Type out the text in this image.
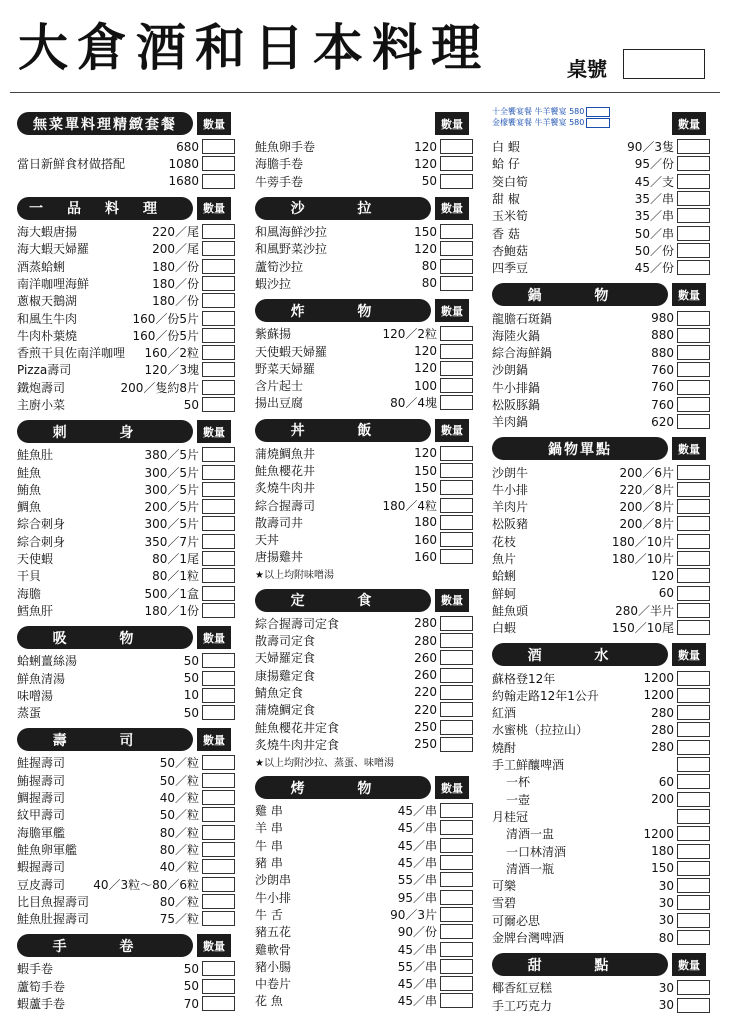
大倉酒和日本料理	桌號
十全饗宴餐 牛羊饗宴 580
金檬饗宴餐 牛羊饗宴 580
無菜單料理精緻套餐	數量
680
當日新鮮食材做搭配	1080
1680
一品料理	數量
海大蝦唐揚	220／尾
海大蝦天婦羅	200／尾
酒蒸蛤蜊	180／份
南洋咖哩海鮮	180／份
蔥椒天鵝湖	180／份
和風生牛肉	160／份5片
牛肉朴葉燒	160／份5片
香煎干貝佐南洋咖哩	160／2粒
Pizza壽司	120／3塊
鐵炮壽司	200／隻約8片
主廚小菜	50
刺 身	數量
鮭魚肚	380／5片
鮭魚	300／5片
鮪魚	300／5片
鯛魚	200／5片
綜合刺身	300／5片
綜合刺身	350／7片
天使蝦	80／1尾
干貝	80／1粒
海膽	500／1盒
鱈魚肝	180／1份
吸 物	數量
蛤蜊薑絲湯	50
鮮魚清湯	50
味噌湯	10
蒸蛋	50
壽 司	數量
鮭握壽司	50／粒
鮪握壽司	50／粒
鯛握壽司	40／粒
紋甲壽司	50／粒
海膽軍艦	80／粒
鮭魚卵軍艦	80／粒
蝦握壽司	40／粒
豆皮壽司	40／3粒～80／6粒
比目魚握壽司	80／粒
鮭魚肚握壽司	75／粒
手 卷	數量
蝦手卷	50
蘆筍手卷	50
蝦蘆手卷	70
數量
鮭魚卵手卷	120
海膽手卷	120
牛蒡手卷	50
沙 拉	數量
和風海鮮沙拉	150
和風野菜沙拉	120
蘆筍沙拉	80
蝦沙拉	80
炸 物	數量
紫蘇揚	120／2粒
天使蝦天婦羅	120
野菜天婦羅	120
含片起士	100
揚出豆腐	80／4塊
丼 飯	數量
蒲燒鯛魚井	120
鮭魚櫻花井	150
炙燒牛肉井	150
綜合握壽司	180／4粒
散壽司井	180
天丼	160
唐揚雞丼	160
★以上均附味噌湯
定 食	數量
綜合握壽司定食	280
散壽司定食	280
天婦羅定食	260
康揚雞定食	260
鯖魚定食	220
蒲燒鯛定食	220
鮭魚櫻花井定食	250
炙燒牛肉井定食	250
★以上均附沙拉、蒸蛋、味噌湯
烤 物	數量
雞 串	45／串
羊 串	45／串
牛 串	45／串
豬 串	45／串
沙朗串	55／串
牛小排	95／串
牛 舌	90／3片
豬五花	90／份
雞軟骨	45／串
豬小腸	55／串
中卷片	45／串
花 魚	45／串
數量
白 蝦	90／3隻
蛤 仔	95／份
筊白筍	45／支
甜 椒	35／串
玉米筍	35／串
香 菇	50／串
杏鮑菇	50／份
四季豆	45／份
鍋 物	數量
龍膽石斑鍋	980
海陸火鍋	880
綜合海鮮鍋	880
沙朗鍋	760
牛小排鍋	760
松阪豚鍋	760
羊肉鍋	620
鍋物單點	數量
沙朗牛	200／6片
牛小排	220／8片
羊肉片	200／8片
松阪豬	200／8片
花枝	180／10片
魚片	180／10片
蛤蜊	120
鮮蚵	60
鮭魚頭	280／半片
白蝦	150／10尾
酒 水	數量
蘇格登12年	1200
約翰走路12年1公升	1200
紅酒	280
水蜜桃（拉拉山）	280
燒酎	280
手工鮮釀啤酒
一杯	60
一壺	200
月桂冠
清酒一盅	1200
一口林清酒	180
清酒一瓶	150
可樂	30
雪碧	30
可爾必思	30
金牌台灣啤酒	80
甜 點	數量
椰香紅豆糕	30
手工巧克力	30
